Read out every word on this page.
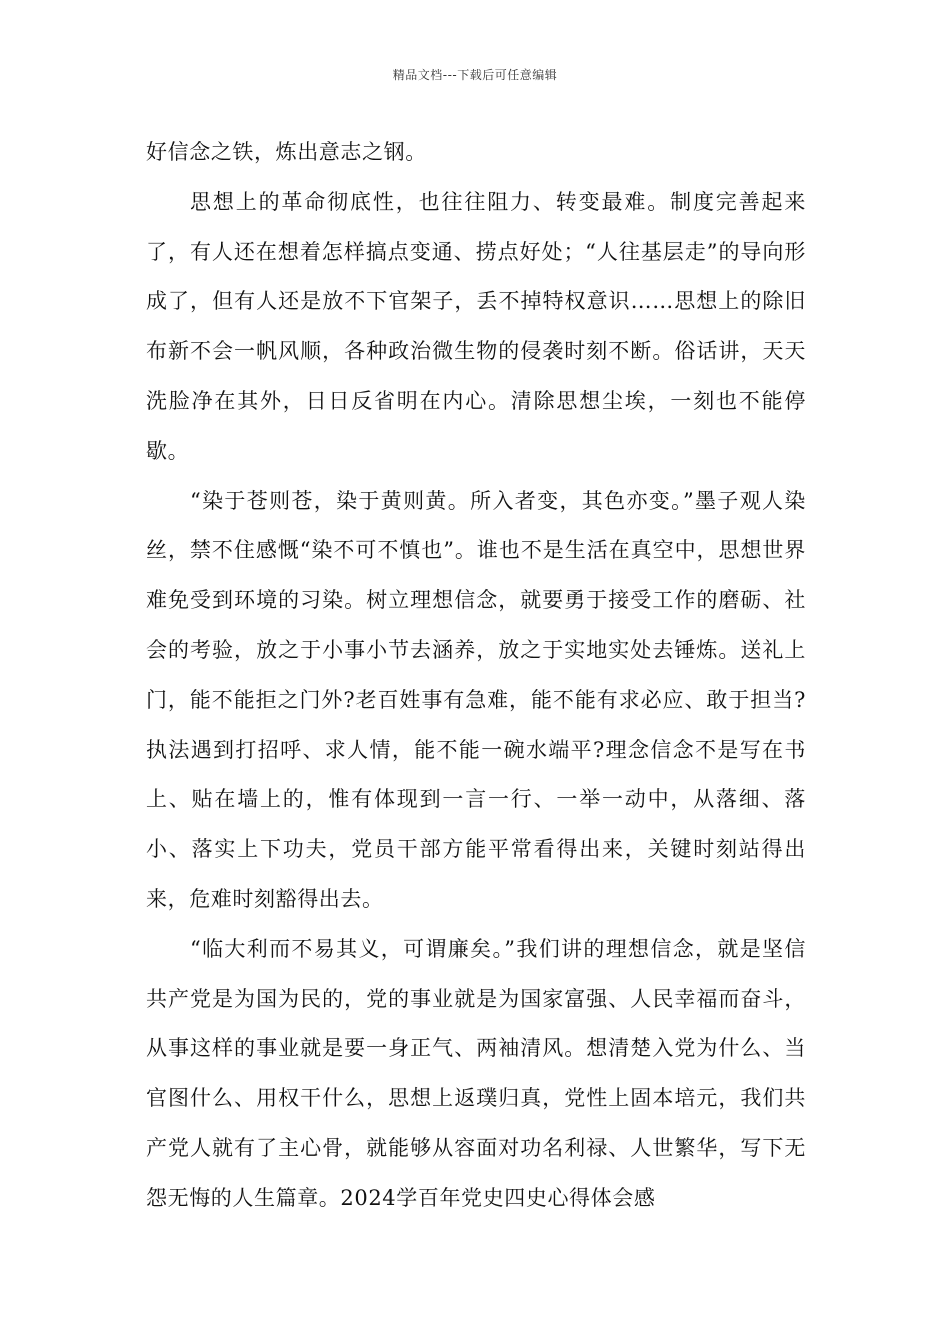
精品文档---下载后可任意编辑

好信念之铁，炼出意志之钢。

思想上的革命彻底性，也往往阻力、转变最难。制度完善起来了，有人还在想着怎样搞点变通、捞点好处；“人往基层走”的导向形成了，但有人还是放不下官架子，丢不掉特权意识……思想上的除旧布新不会一帆风顺，各种政治微生物的侵袭时刻不断。俗话讲，天天洗脸净在其外，日日反省明在内心。清除思想尘埃，一刻也不能停歇。

“染于苍则苍，染于黄则黄。所入者变，其色亦变。”墨子观人染丝，禁不住感慨“染不可不慎也”。谁也不是生活在真空中，思想世界难免受到环境的习染。树立理想信念，就要勇于接受工作的磨砺、社会的考验，放之于小事小节去涵养，放之于实地实处去锤炼。送礼上门，能不能拒之门外?老百姓事有急难，能不能有求必应、敢于担当?执法遇到打招呼、求人情，能不能一碗水端平?理念信念不是写在书上、贴在墙上的，惟有体现到一言一行、一举一动中，从落细、落小、落实上下功夫，党员干部方能平常看得出来，关键时刻站得出来，危难时刻豁得出去。

“临大利而不易其义，可谓廉矣。”我们讲的理想信念，就是坚信共产党是为国为民的，党的事业就是为国家富强、人民幸福而奋斗，从事这样的事业就是要一身正气、两袖清风。想清楚入党为什么、当官图什么、用权干什么，思想上返璞归真，党性上固本培元，我们共产党人就有了主心骨，就能够从容面对功名利禄、人世繁华，写下无怨无悔的人生篇章。2024学百年党史四史心得体会感
